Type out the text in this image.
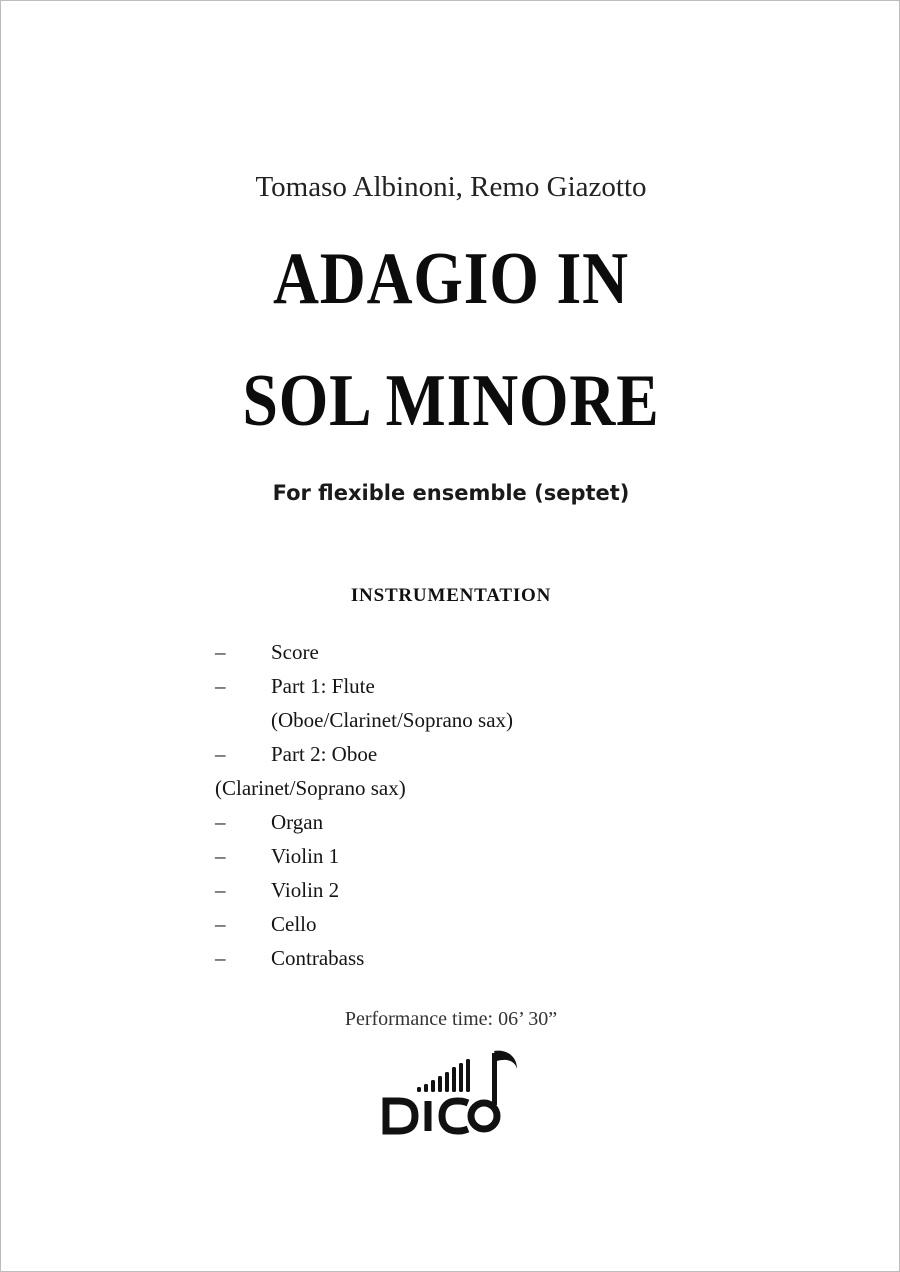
Tomaso Albinoni, Remo Giazotto
ADAGIO IN
SOL MINORE
For flexible ensemble (septet)
INSTRUMENTATION
– Score
– Part 1: Flute
(Oboe/Clarinet/Soprano sax)
– Part 2: Oboe
(Clarinet/Soprano sax)
– Organ
– Violin 1
– Violin 2
– Cello
– Contrabass
Performance time: 06’ 30”
